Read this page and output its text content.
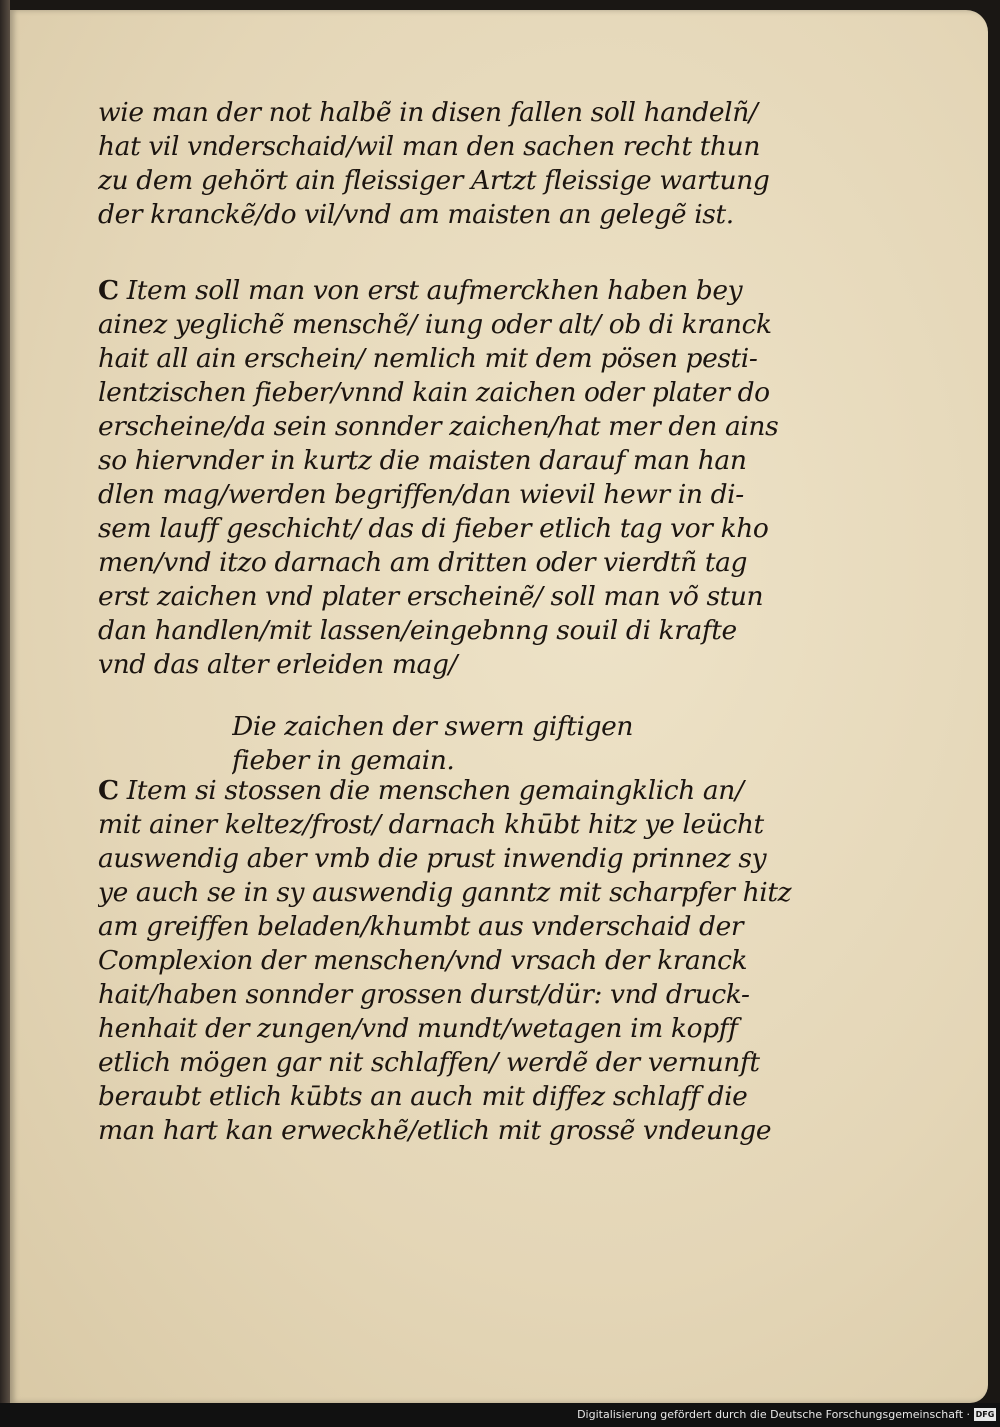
wie man der not halbẽ in disen fallen soll handelñ/
hat vil vnderschaid/wil man den sachen recht thun
zu dem gehört ain fleissiger Artzt fleissige wartung
der kranckẽ/do vil/vnd am maisten an gelegẽ ist.
C Item soll man von erst aufmerckhen haben bey
ainez yeglichẽ menschẽ/ iung oder alt/ ob di kranck
hait all ain erschein/ nemlich mit dem pösen pesti-
lentzischen fieber/vnnd kain zaichen oder plater do
erscheine/da sein sonnder zaichen/hat mer den ains
so hiervnder in kurtz die maisten darauf man han
dlen mag/werden begriffen/dan wievil hewr in di-
sem lauff geschicht/ das di fieber etlich tag vor kho
men/vnd itzo darnach am dritten oder vierdtñ tag
erst zaichen vnd plater erscheinẽ/ soll man võ stun
dan handlen/mit lassen/eingebnng souil di krafte
vnd das alter erleiden mag/
Die zaichen der swern giftigen
fieber in gemain.
C Item si stossen die menschen gemaingklich an/
mit ainer keltez/frost/ darnach khūbt hitz ye leücht
auswendig aber vmb die prust inwendig prinnez sy
ye auch se in sy auswendig ganntz mit scharpfer hitz
am greiffen beladen/khumbt aus vnderschaid der
Complexion der menschen/vnd vrsach der kranck
hait/haben sonnder grossen durst/dür: vnd druck-
henhait der zungen/vnd mundt/wetagen im kopff
etlich mögen gar nit schlaffen/ werdẽ der vernunft
beraubt etlich kūbts an auch mit diffez schlaff die
man hart kan erweckhẽ/etlich mit grossẽ vndeunge
Digitalisierung gefördert durch die Deutsche Forschungsgemeinschaft · DFG
